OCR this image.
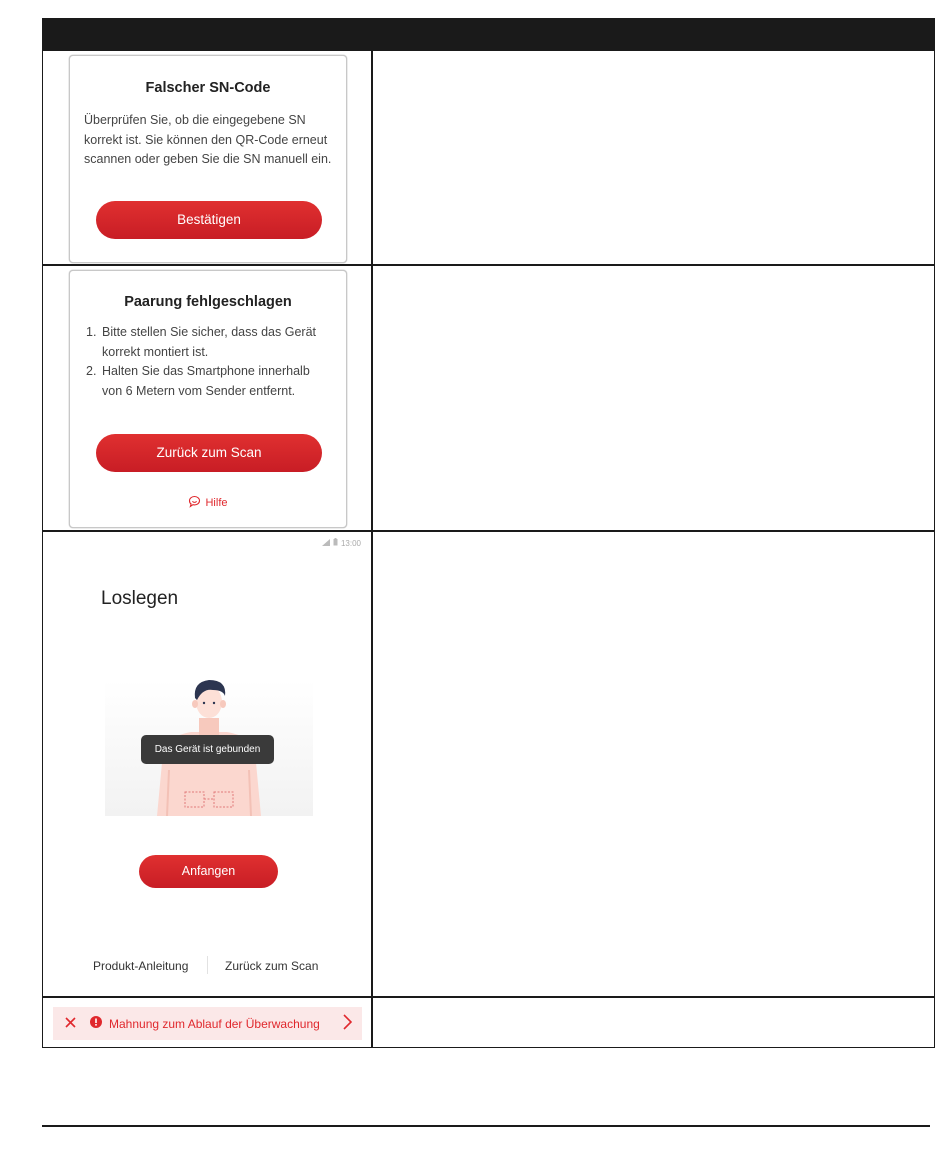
Falscher SN-Code
Überprüfen Sie, ob die eingegebene SN korrekt ist. Sie können den QR-Code erneut scannen oder geben Sie die SN manuell ein.
Bestätigen
Paarung fehlgeschlagen
1. Bitte stellen Sie sicher, dass das Gerät korrekt montiert ist.
2. Halten Sie das Smartphone innerhalb von 6 Metern vom Sender entfernt.
Zurück zum Scan
Hilfe
13:00
Loslegen
Das Gerät ist gebunden
Anfangen
Produkt-Anleitung	Zurück zum Scan
Mahnung zum Ablauf der Überwachung
